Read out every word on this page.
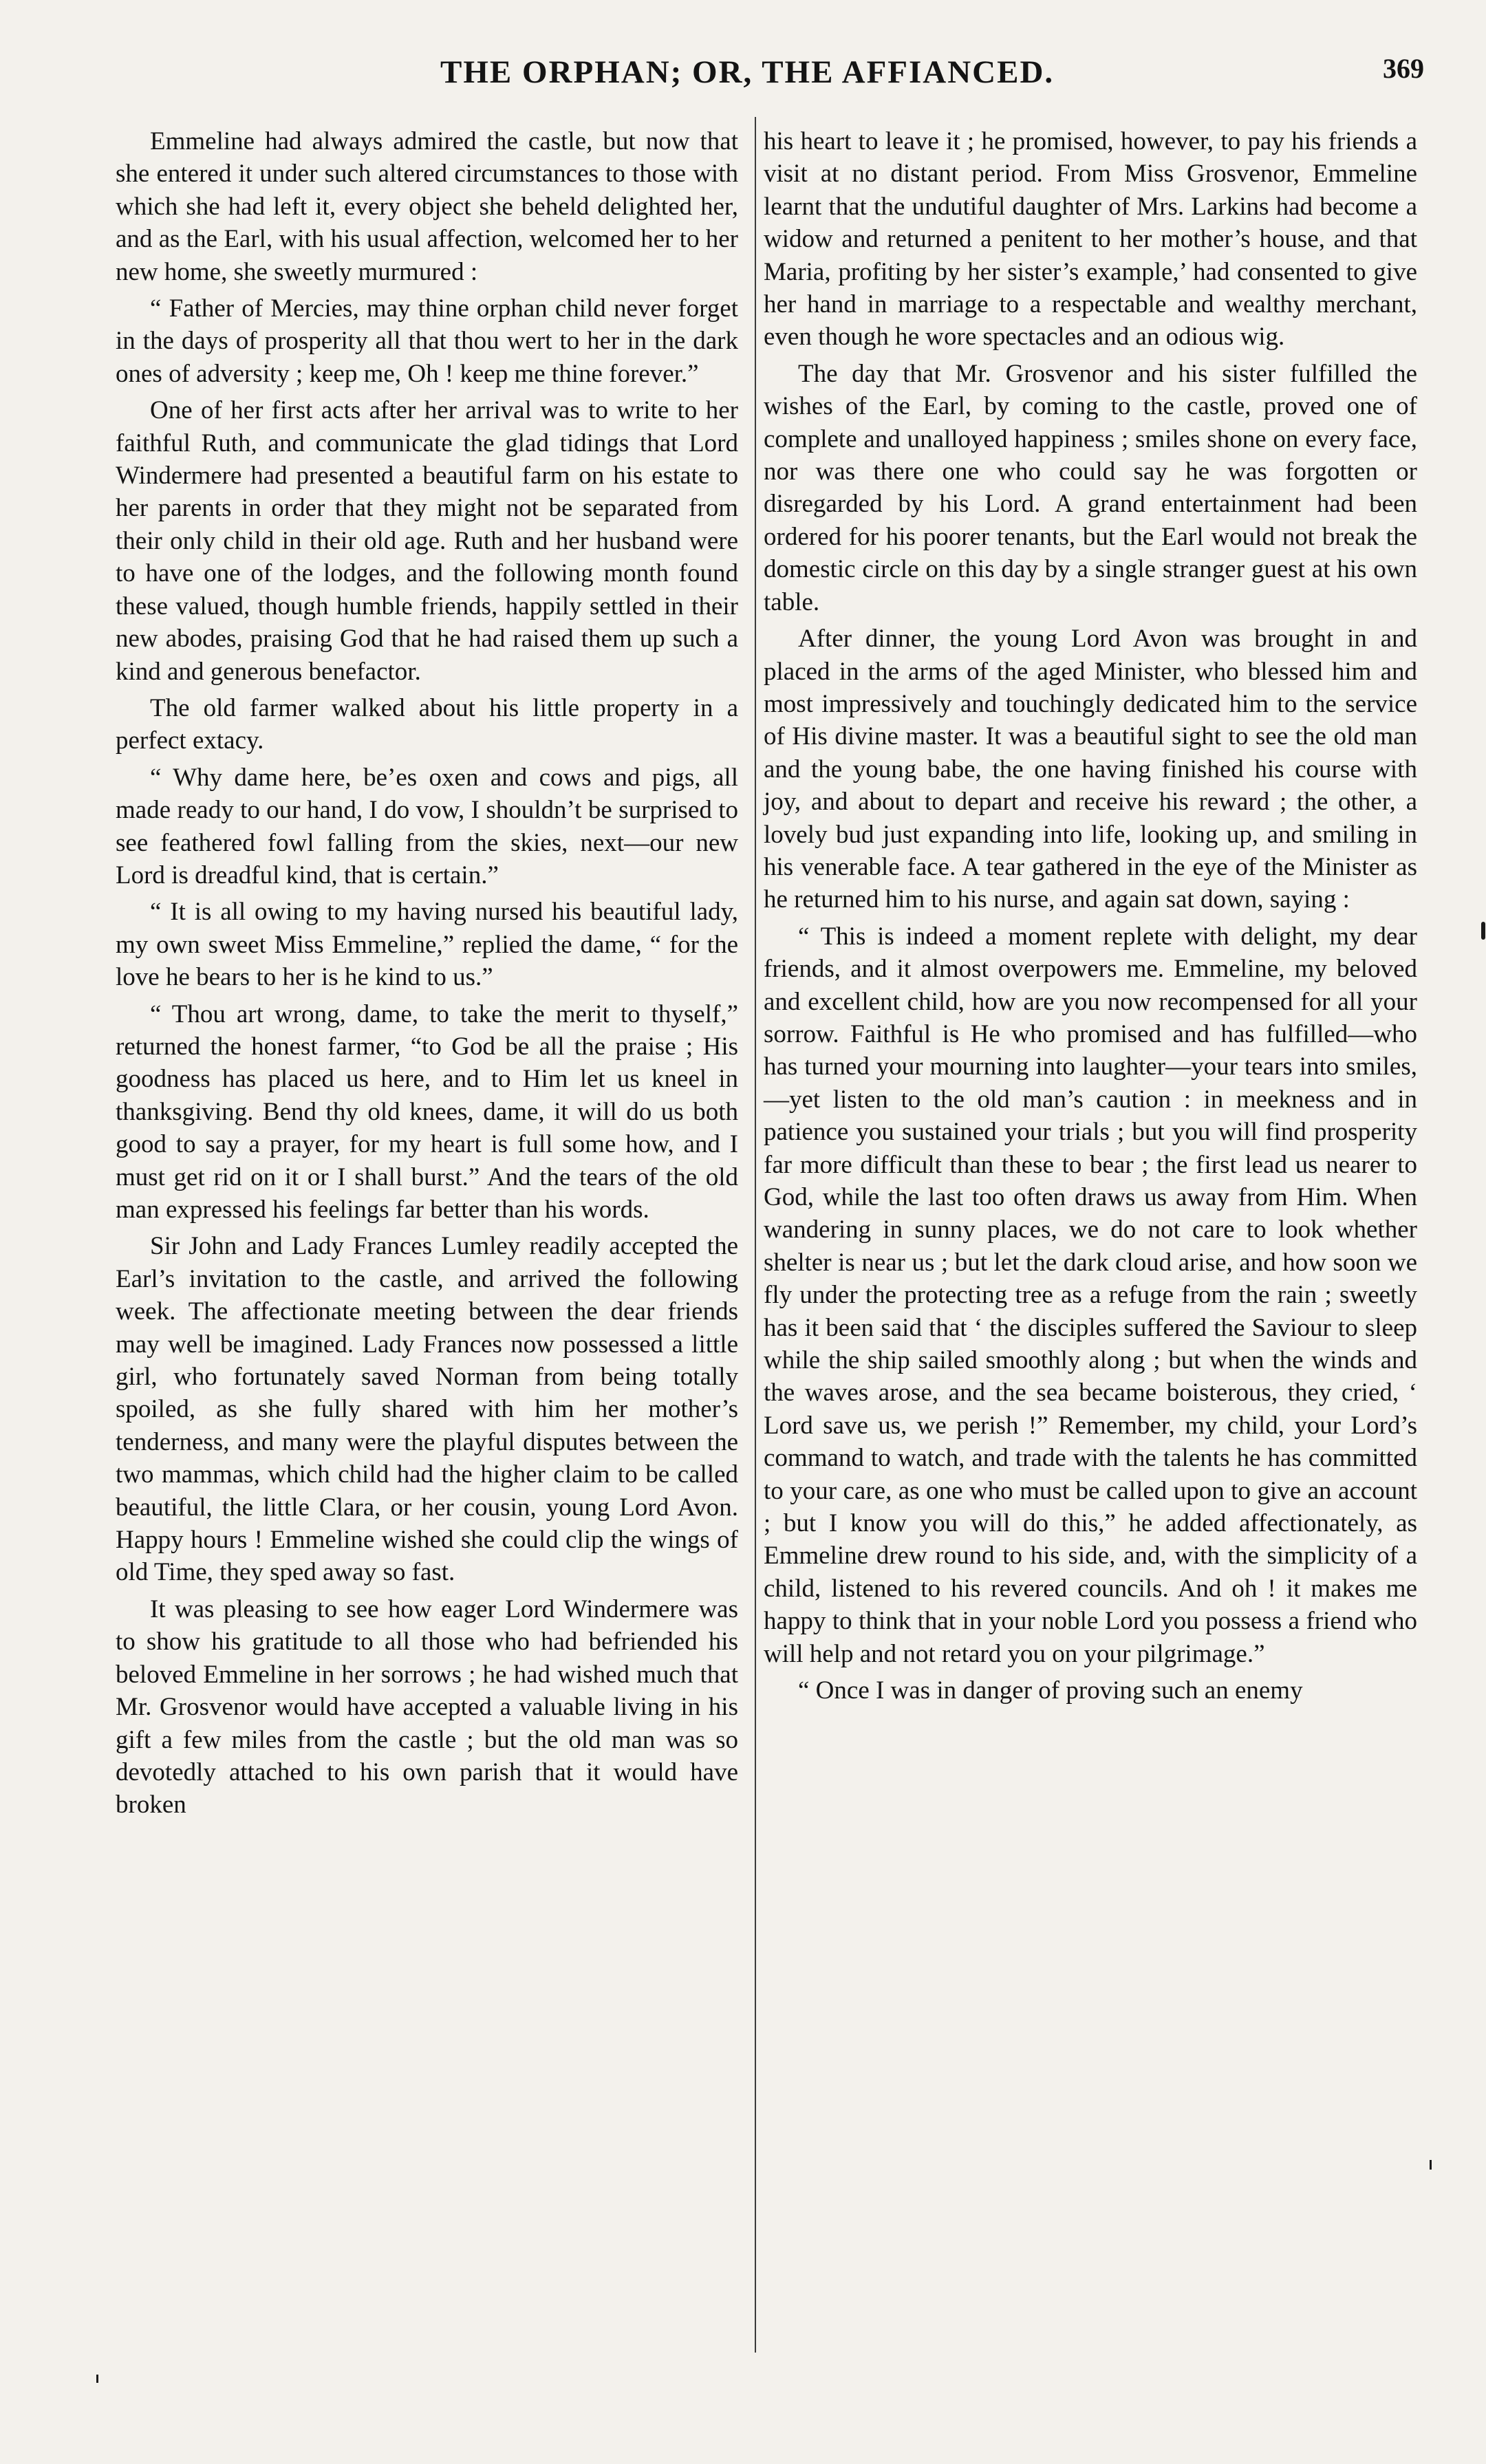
THE ORPHAN; OR, THE AFFIANCED.	369

Emmeline had always admired the castle, but now that she entered it under such altered circumstances to those with which she had left it, every object she beheld delighted her, and as the Earl, with his usual affection, welcomed her to her new home, she sweetly murmured :

“ Father of Mercies, may thine orphan child never forget in the days of prosperity all that thou wert to her in the dark ones of adversity ; keep me, Oh ! keep me thine forever.”

One of her first acts after her arrival was to write to her faithful Ruth, and communicate the glad tidings that Lord Windermere had presented a beautiful farm on his estate to her parents in order that they might not be separated from their only child in their old age. Ruth and her husband were to have one of the lodges, and the following month found these valued, though humble friends, happily settled in their new abodes, praising God that he had raised them up such a kind and generous benefactor.

The old farmer walked about his little property in a perfect extacy.

“ Why dame here, be’es oxen and cows and pigs, all made ready to our hand, I do vow, I shouldn’t be surprised to see feathered fowl falling from the skies, next—our new Lord is dreadful kind, that is certain.”

“ It is all owing to my having nursed his beautiful lady, my own sweet Miss Emmeline,” replied the dame, “ for the love he bears to her is he kind to us.”

“ Thou art wrong, dame, to take the merit to thyself,” returned the honest farmer, “to God be all the praise ; His goodness has placed us here, and to Him let us kneel in thanksgiving. Bend thy old knees, dame, it will do us both good to say a prayer, for my heart is full some how, and I must get rid on it or I shall burst.” And the tears of the old man expressed his feelings far better than his words.

Sir John and Lady Frances Lumley readily accepted the Earl’s invitation to the castle, and arrived the following week. The affectionate meeting between the dear friends may well be imagined. Lady Frances now possessed a little girl, who fortunately saved Norman from being totally spoiled, as she fully shared with him her mother’s tenderness, and many were the playful disputes between the two mammas, which child had the higher claim to be called beautiful, the little Clara, or her cousin, young Lord Avon. Happy hours ! Emmeline wished she could clip the wings of old Time, they sped away so fast.

It was pleasing to see how eager Lord Windermere was to show his gratitude to all those who had befriended his beloved Emmeline in her sorrows ; he had wished much that Mr. Grosvenor would have accepted a valuable living in his gift a few miles from the castle ; but the old man was so devotedly attached to his own parish that it would have broken

his heart to leave it ; he promised, however, to pay his friends a visit at no distant period. From Miss Grosvenor, Emmeline learnt that the undutiful daughter of Mrs. Larkins had become a widow and returned a penitent to her mother’s house, and that Maria, profiting by her sister’s example,’ had consented to give her hand in marriage to a respectable and wealthy merchant, even though he wore spectacles and an odious wig.

The day that Mr. Grosvenor and his sister fulfilled the wishes of the Earl, by coming to the castle, proved one of complete and unalloyed happiness ; smiles shone on every face, nor was there one who could say he was forgotten or disregarded by his Lord. A grand entertainment had been ordered for his poorer tenants, but the Earl would not break the domestic circle on this day by a single stranger guest at his own table.

After dinner, the young Lord Avon was brought in and placed in the arms of the aged Minister, who blessed him and most impressively and touchingly dedicated him to the service of His divine master. It was a beautiful sight to see the old man and the young babe, the one having finished his course with joy, and about to depart and receive his reward ; the other, a lovely bud just expanding into life, looking up, and smiling in his venerable face. A tear gathered in the eye of the Minister as he returned him to his nurse, and again sat down, saying :

“ This is indeed a moment replete with delight, my dear friends, and it almost overpowers me. Emmeline, my beloved and excellent child, how are you now recompensed for all your sorrow. Faithful is He who promised and has fulfilled—who has turned your mourning into laughter—your tears into smiles,—yet listen to the old man’s caution : in meekness and in patience you sustained your trials ; but you will find prosperity far more difficult than these to bear ; the first lead us nearer to God, while the last too often draws us away from Him. When wandering in sunny places, we do not care to look whether shelter is near us ; but let the dark cloud arise, and how soon we fly under the protecting tree as a refuge from the rain ; sweetly has it been said that ‘ the disciples suffered the Saviour to sleep while the ship sailed smoothly along ; but when the winds and the waves arose, and the sea became boisterous, they cried, ‘ Lord save us, we perish !” Remember, my child, your Lord’s command to watch, and trade with the talents he has committed to your care, as one who must be called upon to give an account ; but I know you will do this,” he added affectionately, as Emmeline drew round to his side, and, with the simplicity of a child, listened to his revered councils. And oh ! it makes me happy to think that in your noble Lord you possess a friend who will help and not retard you on your pilgrimage.”

“ Once I was in danger of proving such an enemy
